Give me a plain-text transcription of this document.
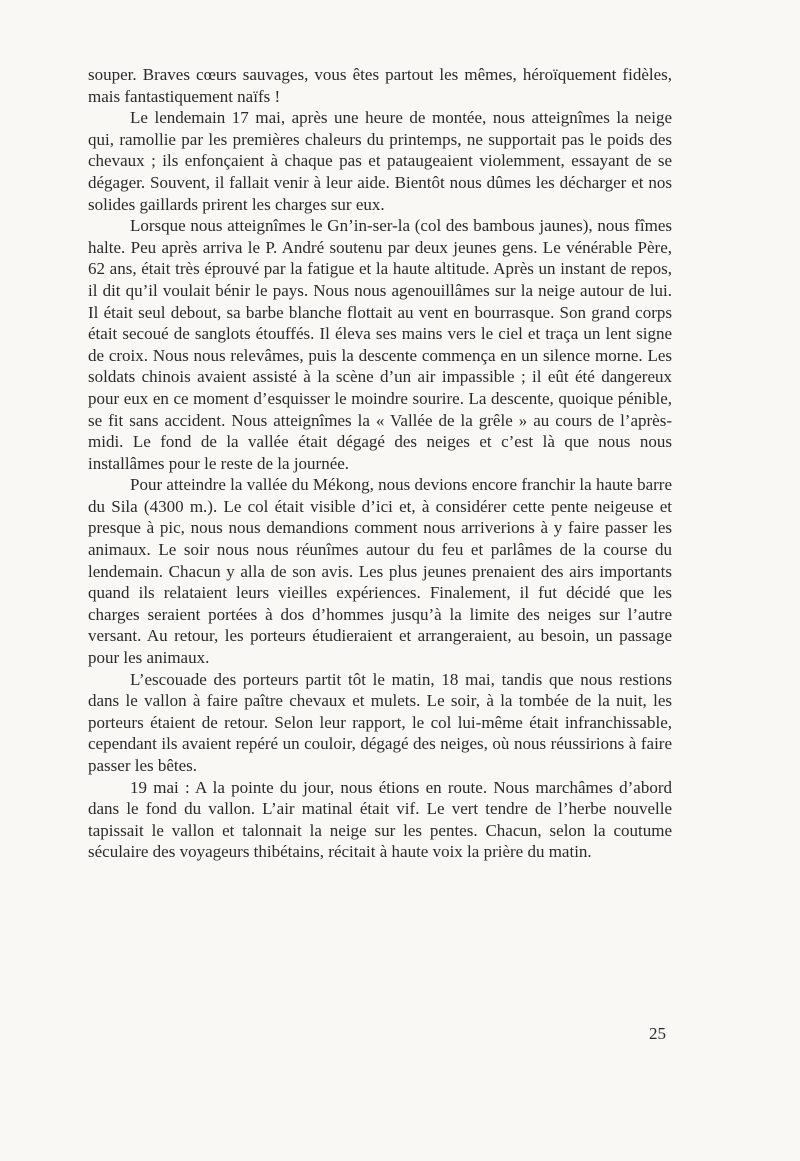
souper. Braves cœurs sauvages, vous êtes partout les mêmes, héroïquement fidèles, mais fantastiquement naïfs !

Le lendemain 17 mai, après une heure de montée, nous atteignîmes la neige qui, ramollie par les premières chaleurs du printemps, ne supportait pas le poids des chevaux ; ils enfonçaient à chaque pas et pataugeaient violemment, essayant de se dégager. Souvent, il fallait venir à leur aide. Bientôt nous dûmes les décharger et nos solides gaillards prirent les charges sur eux.

Lorsque nous atteignîmes le Gn’in-ser-la (col des bambous jaunes), nous fîmes halte. Peu après arriva le P. André soutenu par deux jeunes gens. Le vénérable Père, 62 ans, était très éprouvé par la fatigue et la haute altitude. Après un instant de repos, il dit qu’il voulait bénir le pays. Nous nous agenouillâmes sur la neige autour de lui. Il était seul debout, sa barbe blanche flottait au vent en bourrasque. Son grand corps était secoué de sanglots étouffés. Il éleva ses mains vers le ciel et traça un lent signe de croix. Nous nous relevâmes, puis la descente commença en un silence morne. Les soldats chinois avaient assisté à la scène d’un air impassible ; il eût été dangereux pour eux en ce moment d’esquisser le moindre sourire. La descente, quoique pénible, se fit sans accident. Nous atteignîmes la « Vallée de la grêle » au cours de l’après-midi. Le fond de la vallée était dégagé des neiges et c’est là que nous nous installâmes pour le reste de la journée.

Pour atteindre la vallée du Mékong, nous devions encore franchir la haute barre du Sila (4300 m.). Le col était visible d’ici et, à considérer cette pente neigeuse et presque à pic, nous nous demandions comment nous arriverions à y faire passer les animaux. Le soir nous nous réunîmes autour du feu et parlâmes de la course du lendemain. Chacun y alla de son avis. Les plus jeunes prenaient des airs importants quand ils relataient leurs vieilles expériences. Finalement, il fut décidé que les charges seraient portées à dos d’hommes jusqu’à la limite des neiges sur l’autre versant. Au retour, les porteurs étudieraient et arrangeraient, au besoin, un passage pour les animaux.

L’escouade des porteurs partit tôt le matin, 18 mai, tandis que nous restions dans le vallon à faire paître chevaux et mulets. Le soir, à la tombée de la nuit, les porteurs étaient de retour. Selon leur rapport, le col lui-même était infranchissable, cependant ils avaient repéré un couloir, dégagé des neiges, où nous réussirions à faire passer les bêtes.

19 mai : A la pointe du jour, nous étions en route. Nous marchâmes d’abord dans le fond du vallon. L’air matinal était vif. Le vert tendre de l’herbe nouvelle tapissait le vallon et talonnait la neige sur les pentes. Chacun, selon la coutume séculaire des voyageurs thibétains, récitait à haute voix la prière du matin.

25
